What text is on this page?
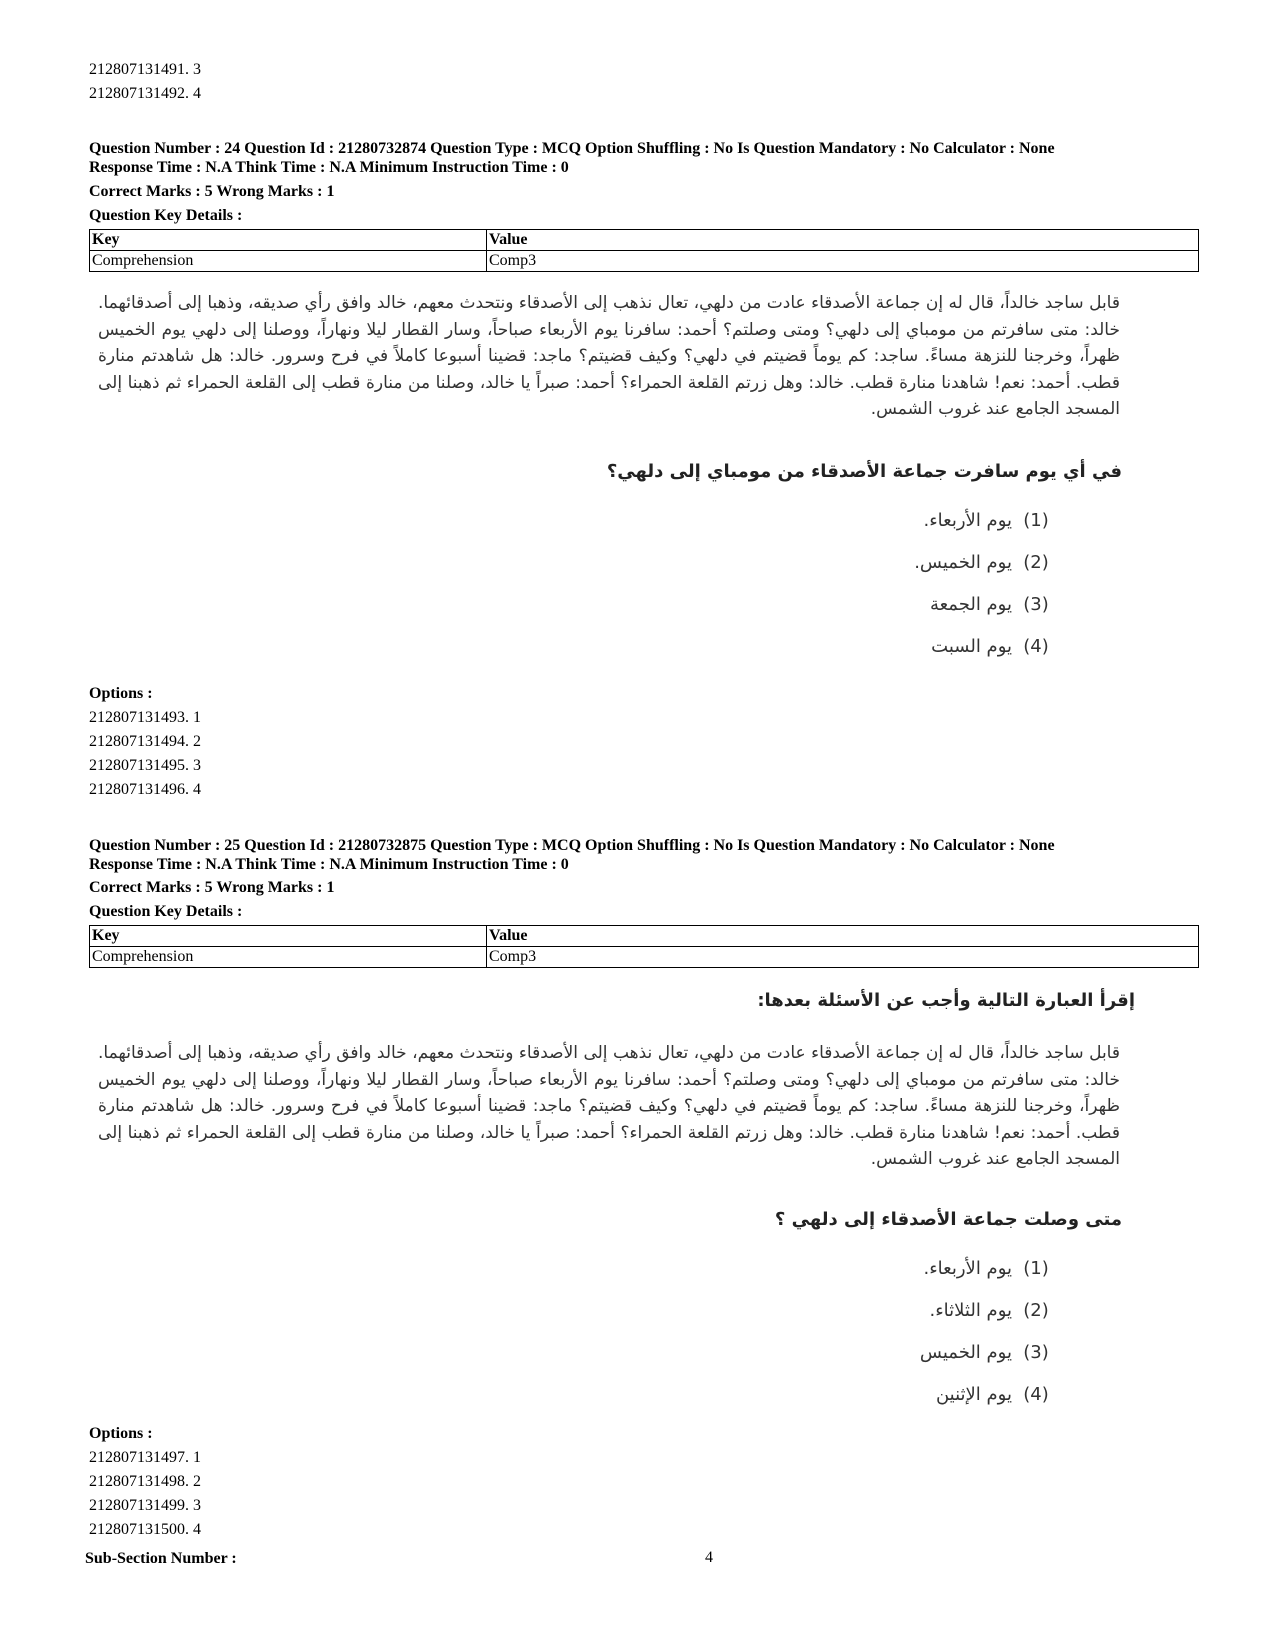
212807131491. 3
212807131492. 4
Question Number : 24 Question Id : 21280732874 Question Type : MCQ Option Shuffling : No Is Question Mandatory : No Calculator : None
Response Time : N.A Think Time : N.A Minimum Instruction Time : 0
Correct Marks : 5 Wrong Marks : 1
Question Key Details :
Key	Value
Comprehension	Comp3
قابل ساجد خالداً، قال له إن جماعة الأصدقاء عادت من دلهي، تعال نذهب إلى الأصدقاء ونتحدث معهم، خالد وافق رأي صديقه، وذهبا إلى أصدقائهما. خالد: متى سافرتم من مومباي إلى دلهي؟ ومتى وصلتم؟ أحمد: سافرنا يوم الأربعاء صباحاً، وسار القطار ليلا ونهاراً، ووصلنا إلى دلهي يوم الخميس ظهراً، وخرجنا للنزهة مساءً. ساجد: كم يوماً قضيتم في دلهي؟ وكيف قضيتم؟ ماجد: قضينا أسبوعا كاملاً في فرح وسرور. خالد: هل شاهدتم منارة قطب. أحمد: نعم! شاهدنا منارة قطب. خالد: وهل زرتم القلعة الحمراء؟ أحمد: صبراً يا خالد، وصلنا من منارة قطب إلى القلعة الحمراء ثم ذهبنا إلى المسجد الجامع عند غروب الشمس.
في أي يوم سافرت جماعة الأصدقاء من مومباي إلى دلهي؟
(1)يوم الأربعاء.
(2)يوم الخميس.
(3)يوم الجمعة
(4)يوم السبت
Options :
212807131493. 1
212807131494. 2
212807131495. 3
212807131496. 4
Question Number : 25 Question Id : 21280732875 Question Type : MCQ Option Shuffling : No Is Question Mandatory : No Calculator : None
Response Time : N.A Think Time : N.A Minimum Instruction Time : 0
Correct Marks : 5 Wrong Marks : 1
Question Key Details :
Key	Value
Comprehension	Comp3
إقرأ العبارة التالية وأجب عن الأسئلة بعدها:
قابل ساجد خالداً، قال له إن جماعة الأصدقاء عادت من دلهي، تعال نذهب إلى الأصدقاء ونتحدث معهم، خالد وافق رأي صديقه، وذهبا إلى أصدقائهما. خالد: متى سافرتم من مومباي إلى دلهي؟ ومتى وصلتم؟ أحمد: سافرنا يوم الأربعاء صباحاً، وسار القطار ليلا ونهاراً، ووصلنا إلى دلهي يوم الخميس ظهراً، وخرجنا للنزهة مساءً. ساجد: كم يوماً قضيتم في دلهي؟ وكيف قضيتم؟ ماجد: قضينا أسبوعا كاملاً في فرح وسرور. خالد: هل شاهدتم منارة قطب. أحمد: نعم! شاهدنا منارة قطب. خالد: وهل زرتم القلعة الحمراء؟ أحمد: صبراً يا خالد، وصلنا من منارة قطب إلى القلعة الحمراء ثم ذهبنا إلى المسجد الجامع عند غروب الشمس.
متى وصلت جماعة الأصدقاء إلى دلهي ؟
(1)يوم الأربعاء.
(2)يوم الثلاثاء.
(3)يوم الخميس
(4)يوم الإثنين
Options :
212807131497. 1
212807131498. 2
212807131499. 3
212807131500. 4
Sub-Section Number :	4
